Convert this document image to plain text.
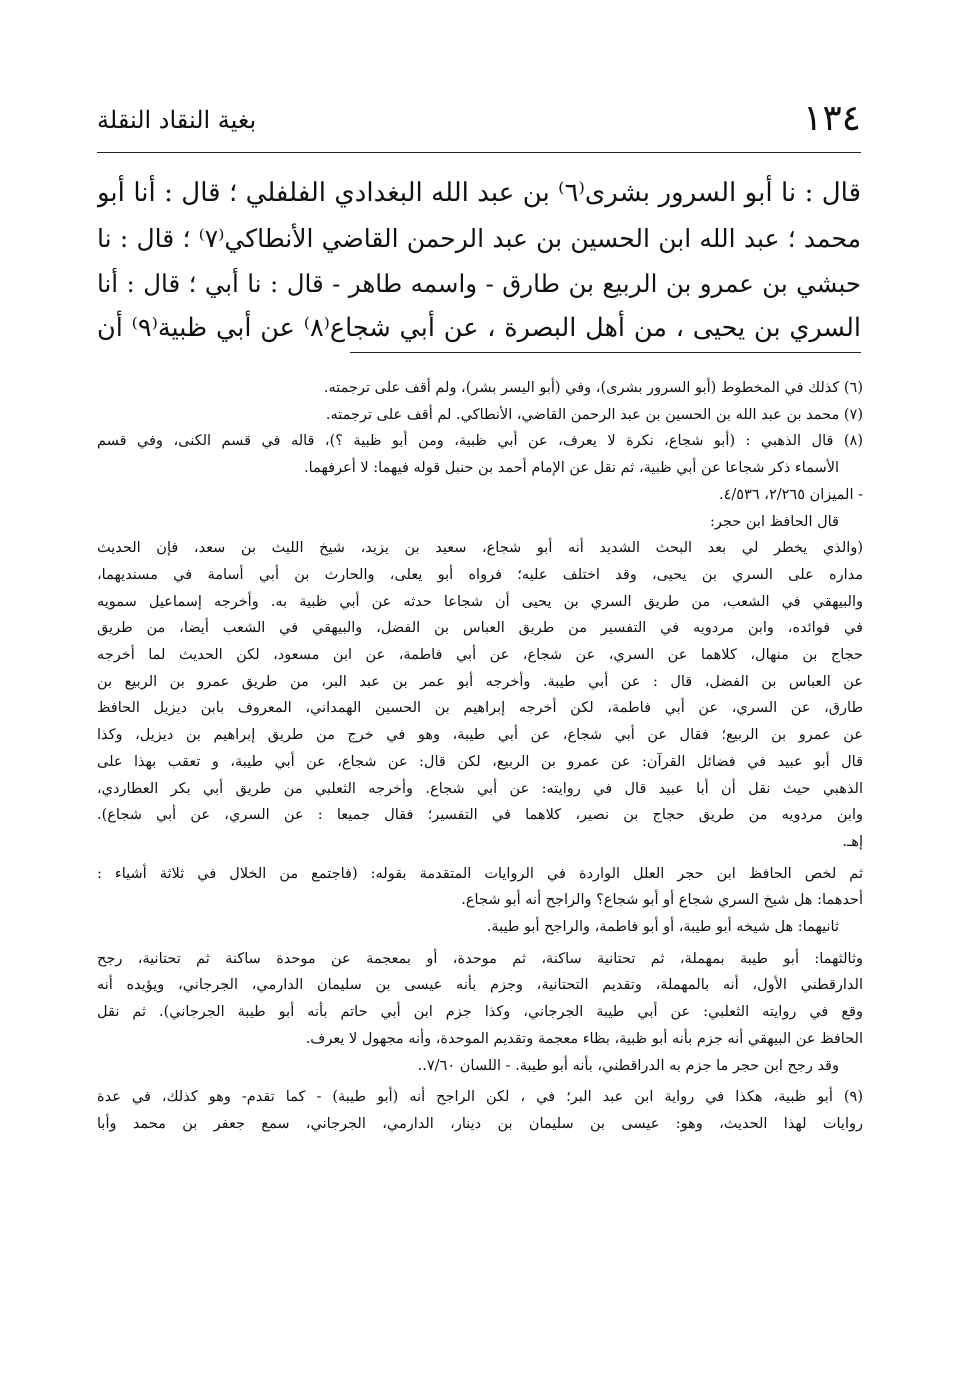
١٣٤
بغية النقاد النقلة
قال : نا أبو السرور بشرى⁽٦⁾ بن عبد الله البغدادي الفلفلي ؛ قال : أنا أبو
محمد ؛ عبد الله ابن الحسين بن عبد الرحمن القاضي الأنطاكي⁽٧⁾ ؛ قال : نا
حبشي بن عمرو بن الربيع بن طارق - واسمه طاهر - قال : نا أبي ؛ قال : أنا
السري بن يحيى ، من أهل البصرة ، عن أبي شجاع⁽٨⁾ عن أبي ظبية⁽٩⁾ أن
(٦) كذلك في المخطوط (أبو السرور بشرى)، وفي (أبو اليسر بشر)، ولم أقف على ترجمته.
(٧) محمد بن عبد الله بن الحسين بن عبد الرحمن القاضي، الأنطاكي. لم أقف على ترجمته.
(٨) قال الذهبي : (أبو شجاع، نكرة لا يعرف، عن أبي ظبية، ومن أبو ظبية ؟)، قاله في قسم الكنى، وفي قسم
الأسماء ذكر شجاعا عن أبي ظبية، ثم نقل عن الإمام أحمد بن حنبل قوله فيهما: لا أعرفهما.
- الميزان ٢/٢٦٥، ٤/٥٣٦.
قال الحافظ ابن حجر:
(والذي يخطر لي بعد البحث الشديد أنه أبو شجاع، سعيد بن يزيد، شيخ الليث بن سعد، فإن الحديث
مداره على السري بن يحيى، وقد اختلف عليه؛ فرواه أبو يعلى، والحارث بن أبي أسامة في مسنديهما،
والبيهقي في الشعب، من طريق السري بن يحيى أن شجاعا حدثه عن أبي ظبية به. وأخرجه إسماعيل سمويه
في فوائده، وابن مردويه في التفسير من طريق العباس بن الفضل، والبيهقي في الشعب أيضا، من طريق
حجاج بن منهال، كلاهما عن السري، عن شجاع، عن أبي فاطمة، عن ابن مسعود، لكن الحديث لما أخرجه
عن العباس بن الفضل، قال : عن أبي طيبة. وأخرجه أبو عمر بن عبد البر، من طريق عمرو بن الربيع بن
طارق، عن السري، عن أبي فاطمة، لكن أخرجه إبراهيم بن الحسين الهمداني، المعروف بابن ديزيل الحافظ
عن عمرو بن الربيع؛ فقال عن أبي شجاع، عن أبي طيبة، وهو في خرج من طريق إبراهيم بن ديزيل، وكذا
قال أبو عبيد في فضائل القرآن: عن عمرو بن الربيع، لكن قال: عن شجاع، عن أبي طيبة، و تعقب بهذا على
الذهبي حيث نقل أن أبا عبيد قال في روايته: عن أبي شجاع. وأخرجه الثعلبي من طريق أبي بكر العطاردي،
وابن مردويه من طريق حجاج بن نصير، كلاهما في التفسير؛ فقال جميعا : عن السري، عن أبي شجاع).
إهـ.
ثم لخص الحافظ ابن حجر العلل الواردة في الروايات المتقدمة بقوله: (فاجتمع من الخلال في ثلاثة أشياء :
أحدهما: هل شيخ السري شجاع أو أبو شجاع؟ والراجح أنه أبو شجاع.
ثانيهما: هل شيخه أبو طيبة، أو أبو فاطمة، والراجح أبو طيبة.
وثالثهما: أبو طيبة بمهملة، ثم تحتانية ساكنة، ثم موحدة، أو بمعجمة عن موحدة ساكنة ثم تحتانية، رجح
الدارقطني الأول، أنه بالمهملة، وتقديم التحتانية، وجزم بأنه عيسى بن سليمان الدارمي، الجرجاني، ويؤيده أنه
وقع في روايته الثعلبي: عن أبي طيبة الجرجاني، وكذا جزم ابن أبي حاتم بأنه أبو طيبة الجرجاني). ثم نقل
الحافظ عن البيهقي أنه جزم بأنه أبو ظبية، بظاء معجمة وتقديم الموحدة، وأنه مجهول لا يعرف.
وقد رجح ابن حجر ما جزم به الدراقطني، بأنه أبو طيبة. - اللسان ٧/٦٠..
(٩) أبو ظبية، هكذا في رواية ابن عبد البر؛ في ، لكن الراجح أنه (أبو طيبة) - كما تقدم- وهو كذلك، في عدة
روايات لهذا الحديث، وهو: عيسى بن سليمان بن دينار، الدارمي، الجرجاني، سمع جعفر بن محمد وأبا
